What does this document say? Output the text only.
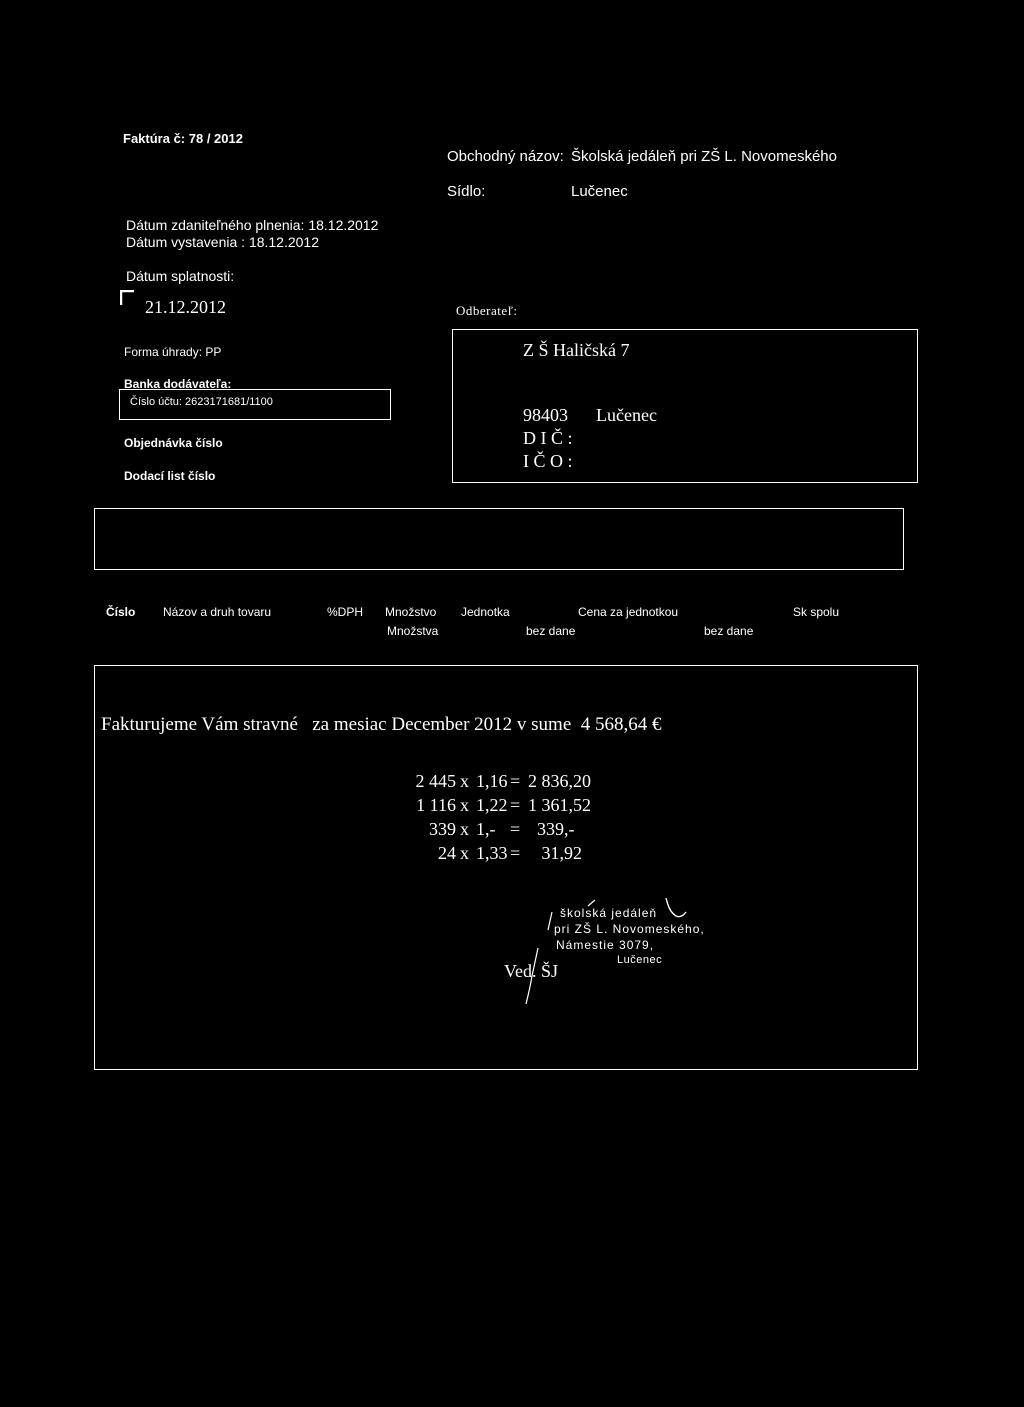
Faktúra č: 78 / 2012
Obchodný názov: Školská jedáleň pri ZŠ L. Novomeského
Sídlo:	Lučenec
Dátum zdaniteľného plnenia: 18.12.2012
Dátum vystavenia : 18.12.2012
Dátum splatnosti:
21.12.2012	Odberateľ:
Forma úhrady: PP
Banka dodávateľa:
Číslo účtu: 2623171681/1100
Objednávka číslo
Dodací list číslo
Z Š Haličská 7
98403 Lučenec
D I Č :
I Č O :
Číslo Názov a druh tovaru	%DPH Množstvo Jednotka	Cena za jednotkou	Sk spolu
Množstva	bez dane	bez dane
Fakturujeme Vám stravné   za mesiac December 2012 v sume  4 568,64 €
2 445 x 1,16 = 2 836,20
1 116 x 1,22 = 1 361,52
339 x 1,- = 339,-
24 x 1,33 = 31,92
školská jedáleň
pri ZŠ L. Novomeského,
Námestie 3079,
Lučenec
Ved. ŠJ
